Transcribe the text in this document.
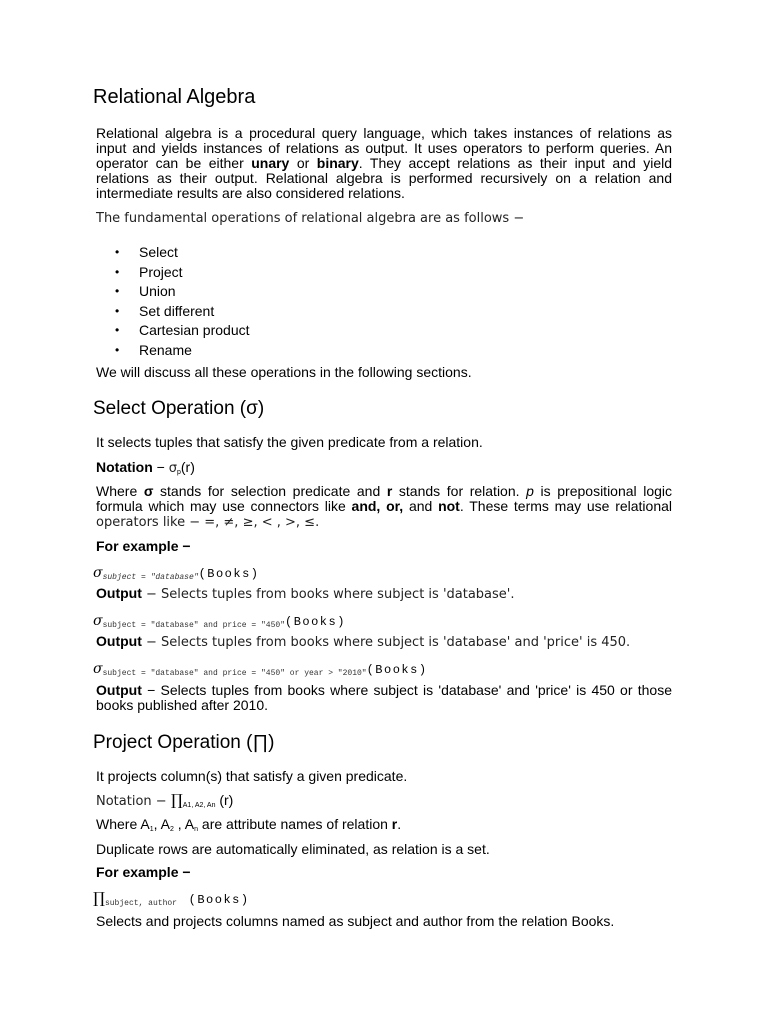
Relational Algebra

Relational algebra is a procedural query language, which takes instances of relations as input and yields instances of relations as output. It uses operators to perform queries. An operator can be either unary or binary. They accept relations as their input and yield relations as their output. Relational algebra is performed recursively on a relation and intermediate results are also considered relations.

The fundamental operations of relational algebra are as follows −

• Select
• Project
• Union
• Set different
• Cartesian product
• Rename

We will discuss all these operations in the following sections.

Select Operation (σ)

It selects tuples that satisfy the given predicate from a relation.

Notation − σp(r)

Where σ stands for selection predicate and r stands for relation. p is prepositional logic formula which may use connectors like and, or, and not. These terms may use relational operators like − =, ≠, ≥, < , >, ≤.

For example −

σsubject = "database"(Books)

Output − Selects tuples from books where subject is 'database'.

$\sigma_{subject = "database" and price = "450"}(Books)$

Output − Selects tuples from books where subject is 'database' and 'price' is 450.

$\sigma_{subject = "database" and price = "450" or year > "2010"}(Books)$

Output − Selects tuples from books where subject is 'database' and 'price' is 450 or those books published after 2010.

Project Operation (∏)

It projects column(s) that satisfy a given predicate.

Notation − ∏A1, A2, An (r)

Where A1, A2 , An are attribute names of relation r.

Duplicate rows are automatically eliminated, as relation is a set.

For example −

$\prod_{subject, author}$ (Books)

Selects and projects columns named as subject and author from the relation Books.
